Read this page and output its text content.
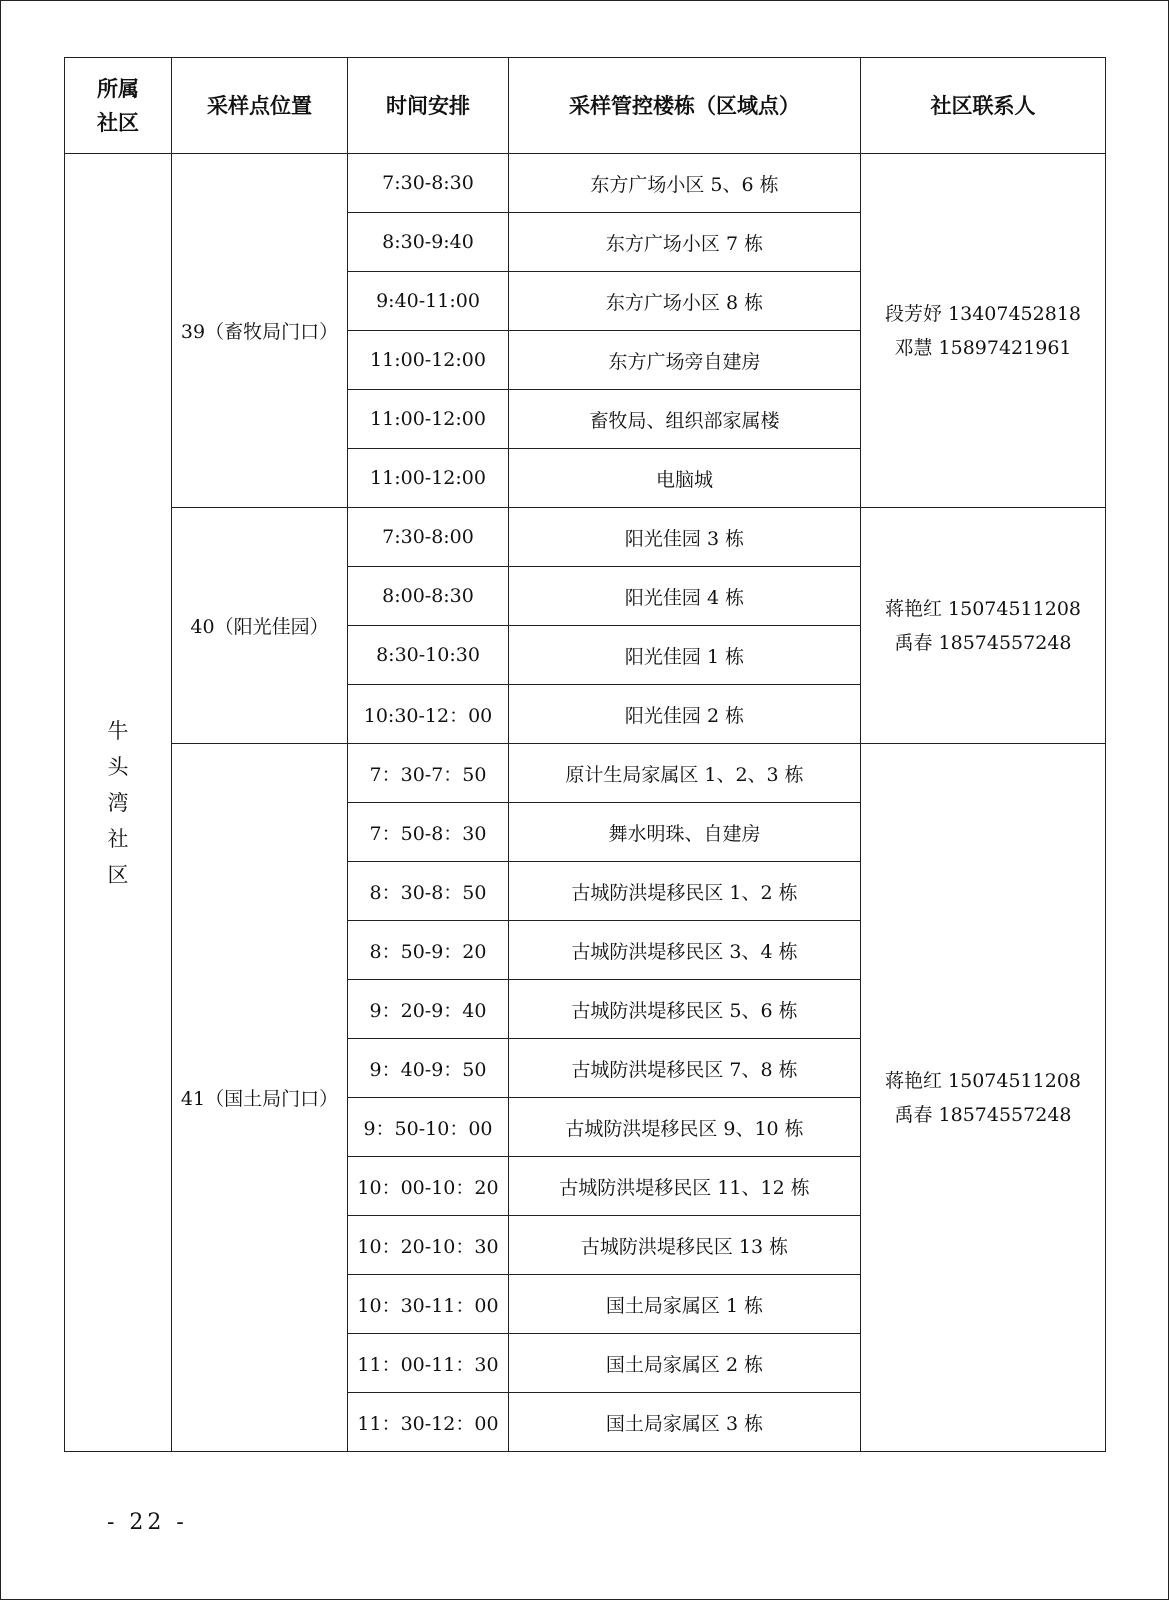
所属社区	采样点位置	时间安排	采样管控楼栋（区域点）	社区联系人
牛头湾社区	39（畜牧局门口）	7:30-8:30	东方广场小区 5、6 栋	段芳妤 13407452818
邓慧 15897421961

		8:30-9:40	东方广场小区 7 栋	
		9:40-11:00	东方广场小区 8 栋	
		11:00-12:00	东方广场旁自建房	
		11:00-12:00	畜牧局、组织部家属楼	
		11:00-12:00	电脑城	
	40（阳光佳园）	7:30-8:00	阳光佳园 3 栋	蒋艳红 15074511208
禹春 18574557248

		8:00-8:30	阳光佳园 4 栋	
		8:30-10:30	阳光佳园 1 栋	
		10:30-12：00	阳光佳园 2 栋	
	41（国土局门口）	7：30-7：50	原计生局家属区 1、2、3 栋	蒋艳红 15074511208
禹春 18574557248

		7：50-8：30	舞水明珠、自建房	
		8：30-8：50	古城防洪堤移民区 1、2 栋	
		8：50-9：20	古城防洪堤移民区 3、4 栋	
		9：20-9：40	古城防洪堤移民区 5、6 栋	
		9：40-9：50	古城防洪堤移民区 7、8 栋	
		9：50-10：00	古城防洪堤移民区 9、10 栋	
		10：00-10：20	古城防洪堤移民区 11、12 栋	
		10：20-10：30	古城防洪堤移民区 13 栋	
		10：30-11：00	国土局家属区 1 栋	
		11：00-11：30	国土局家属区 2 栋	
		11：30-12：00	国土局家属区 3 栋	
- 22 -
